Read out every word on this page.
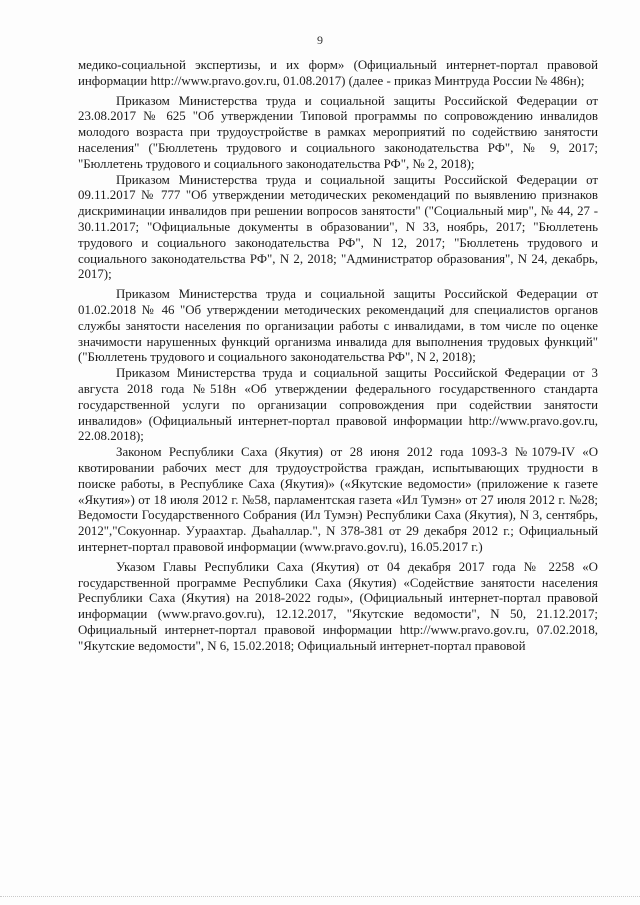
9

медико-социальной экспертизы, и их форм» (Официальный интернет-портал правовой информации http://www.pravo.gov.ru, 01.08.2017) (далее - приказ Минтруда России № 486н);

Приказом Министерства труда и социальной защиты Российской Федерации от 23.08.2017 № 625 "Об утверждении Типовой программы по сопровождению инвалидов молодого возраста при трудоустройстве в рамках мероприятий по содействию занятости населения" ("Бюллетень трудового и социального законодательства РФ", № 9, 2017; "Бюллетень трудового и социального законодательства РФ", № 2, 2018);

Приказом Министерства труда и социальной защиты Российской Федерации от 09.11.2017 № 777 "Об утверждении методических рекомендаций по выявлению признаков дискриминации инвалидов при решении вопросов занятости" ("Социальный мир", № 44, 27 - 30.11.2017; "Официальные документы в образовании", N 33, ноябрь, 2017; "Бюллетень трудового и социального законодательства РФ", N 12, 2017; "Бюллетень трудового и социального законодательства РФ", N 2, 2018; "Администратор образования", N 24, декабрь, 2017);

Приказом Министерства труда и социальной защиты Российской Федерации от 01.02.2018 № 46 "Об утверждении методических рекомендаций для специалистов органов службы занятости населения по организации работы с инвалидами, в том числе по оценке значимости нарушенных функций организма инвалида для выполнения трудовых функций" ("Бюллетень трудового и социального законодательства РФ", N 2, 2018);

Приказом Министерства труда и социальной защиты Российской Федерации от 3 августа 2018 года №518н «Об утверждении федерального государственного стандарта государственной услуги по организации сопровождения при содействии занятости инвалидов» (Официальный интернет-портал правовой информации http://www.pravo.gov.ru, 22.08.2018);

Законом Республики Саха (Якутия) от 28 июня 2012 года 1093-З №1079-IV «О квотировании рабочих мест для трудоустройства граждан, испытывающих трудности в поиске работы, в Республике Саха (Якутия)» («Якутские ведомости» (приложение к газете «Якутия») от 18 июля 2012 г. №58, парламентская газета «Ил Тумэн» от 27 июля 2012 г. №28; Ведомости Государственного Собрания (Ил Тумэн) Республики Саха (Якутия), N 3, сентябрь, 2012","Сокуоннар. Уураахтар. Дьаһаллар.", N 378-381 от 29 декабря 2012 г.; Официальный интернет-портал правовой информации (www.pravo.gov.ru), 16.05.2017 г.)

Указом Главы Республики Саха (Якутия) от 04 декабря 2017 года № 2258 «О государственной программе Республики Саха (Якутия) «Содействие занятости населения Республики Саха (Якутия) на 2018-2022 годы», (Официальный интернет-портал правовой информации (www.pravo.gov.ru), 12.12.2017, "Якутские ведомости", N 50, 21.12.2017; Официальный интернет-портал правовой информации http://www.pravo.gov.ru, 07.02.2018, "Якутские ведомости", N 6, 15.02.2018; Официальный интернет-портал правовой
